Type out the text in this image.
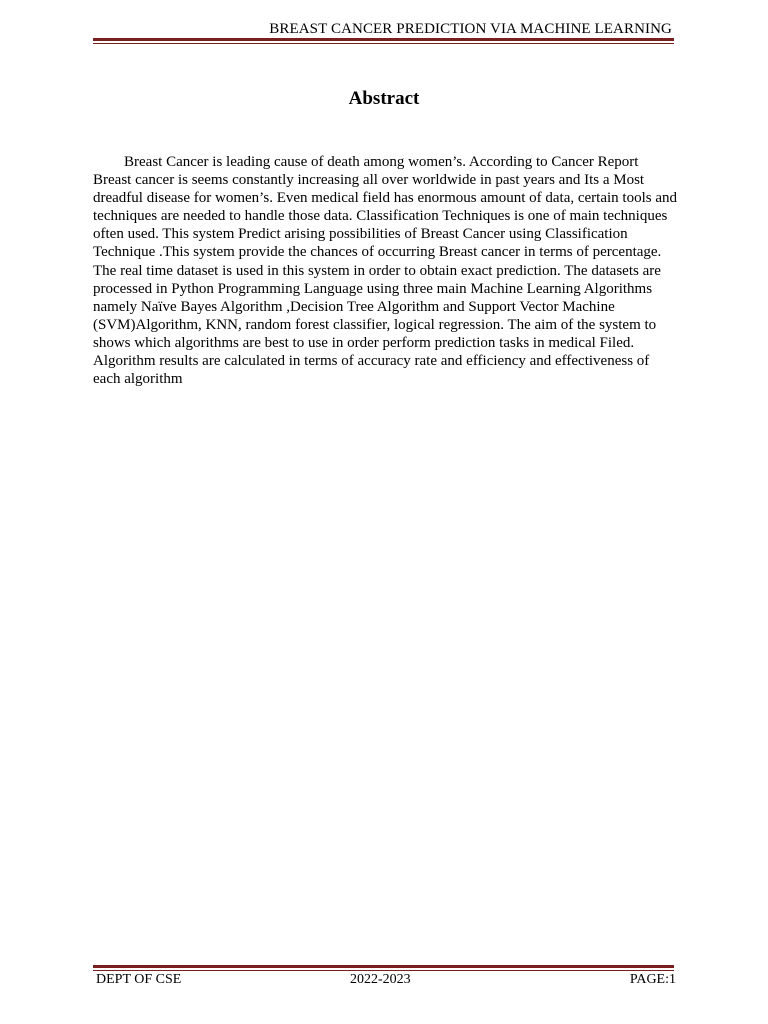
BREAST CANCER PREDICTION VIA MACHINE LEARNING
Abstract

Breast Cancer is leading cause of death among women’s. According to Cancer Report Breast cancer is seems constantly increasing all over worldwide in past years and Its a Most dreadful disease for women’s. Even medical field has enormous amount of data, certain tools and techniques are needed to handle those data. Classification Techniques is one of main techniques often used. This system Predict arising possibilities of Breast Cancer using Classification Technique .This system provide the chances of occurring Breast cancer in terms of percentage. The real time dataset is used in this system in order to obtain exact prediction. The datasets are processed in Python Programming Language using three main Machine Learning Algorithms namely Naïve Bayes Algorithm ,Decision Tree Algorithm and Support Vector Machine (SVM)Algorithm, KNN, random forest classifier, logical regression. The aim of the system to shows which algorithms are best to use in order perform prediction tasks in medical Filed. Algorithm results are calculated in terms of accuracy rate and efficiency and effectiveness of each algorithm

DEPT OF CSE	2022-2023	PAGE:1
